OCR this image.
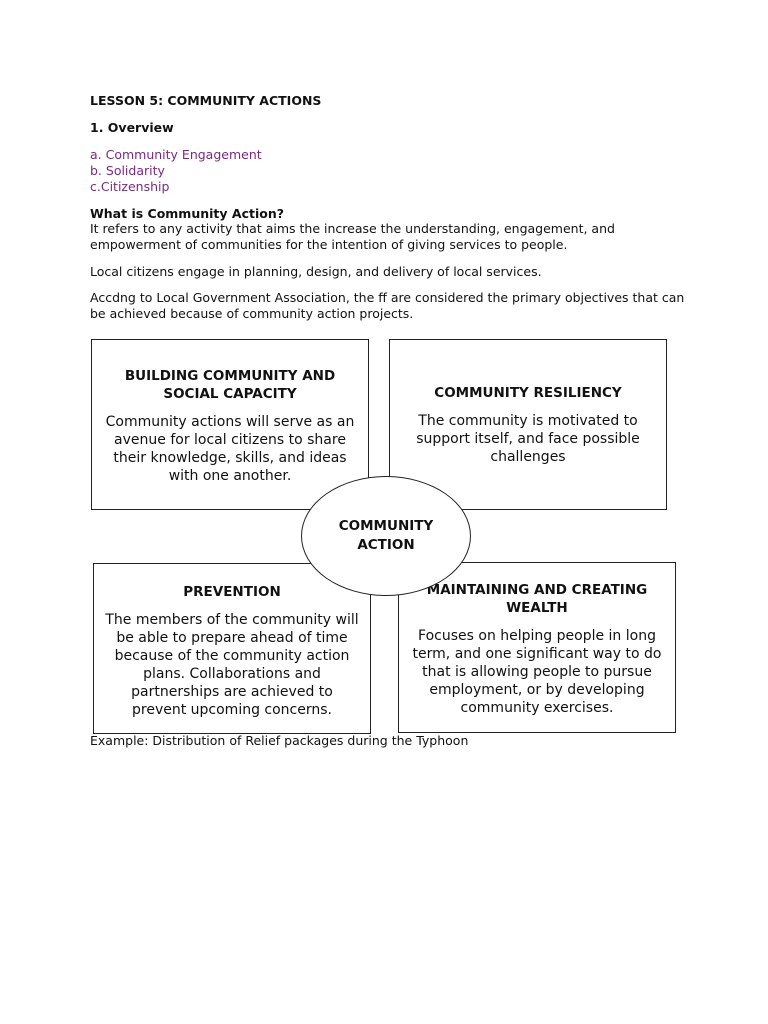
LESSON 5: COMMUNITY ACTIONS
1. Overview
a. Community Engagement
b. Solidarity
c.Citizenship
What is Community Action?
It refers to any activity that aims the increase the understanding, engagement, and empowerment of communities for the intention of giving services to people.
Local citizens engage in planning, design, and delivery of local services.
Accdng to Local Government Association, the ff are considered the primary objectives that can be achieved because of community action projects.

BUILDING COMMUNITY AND SOCIAL CAPACITY

Community actions will serve as an avenue for local citizens to share their knowledge, skills, and ideas with one another.

COMMUNITY RESILIENCY

The community is motivated to support itself, and face possible challenges

PREVENTION

The members of the community will be able to prepare ahead of time because of the community action plans. Collaborations and partnerships are achieved to prevent upcoming concerns.

MAINTAINING AND CREATING WEALTH

Focuses on helping people in long term, and one significant way to do that is allowing people to pursue employment, or by developing community exercises.

COMMUNITY ACTION
Example: Distribution of Relief packages during the Typhoon
